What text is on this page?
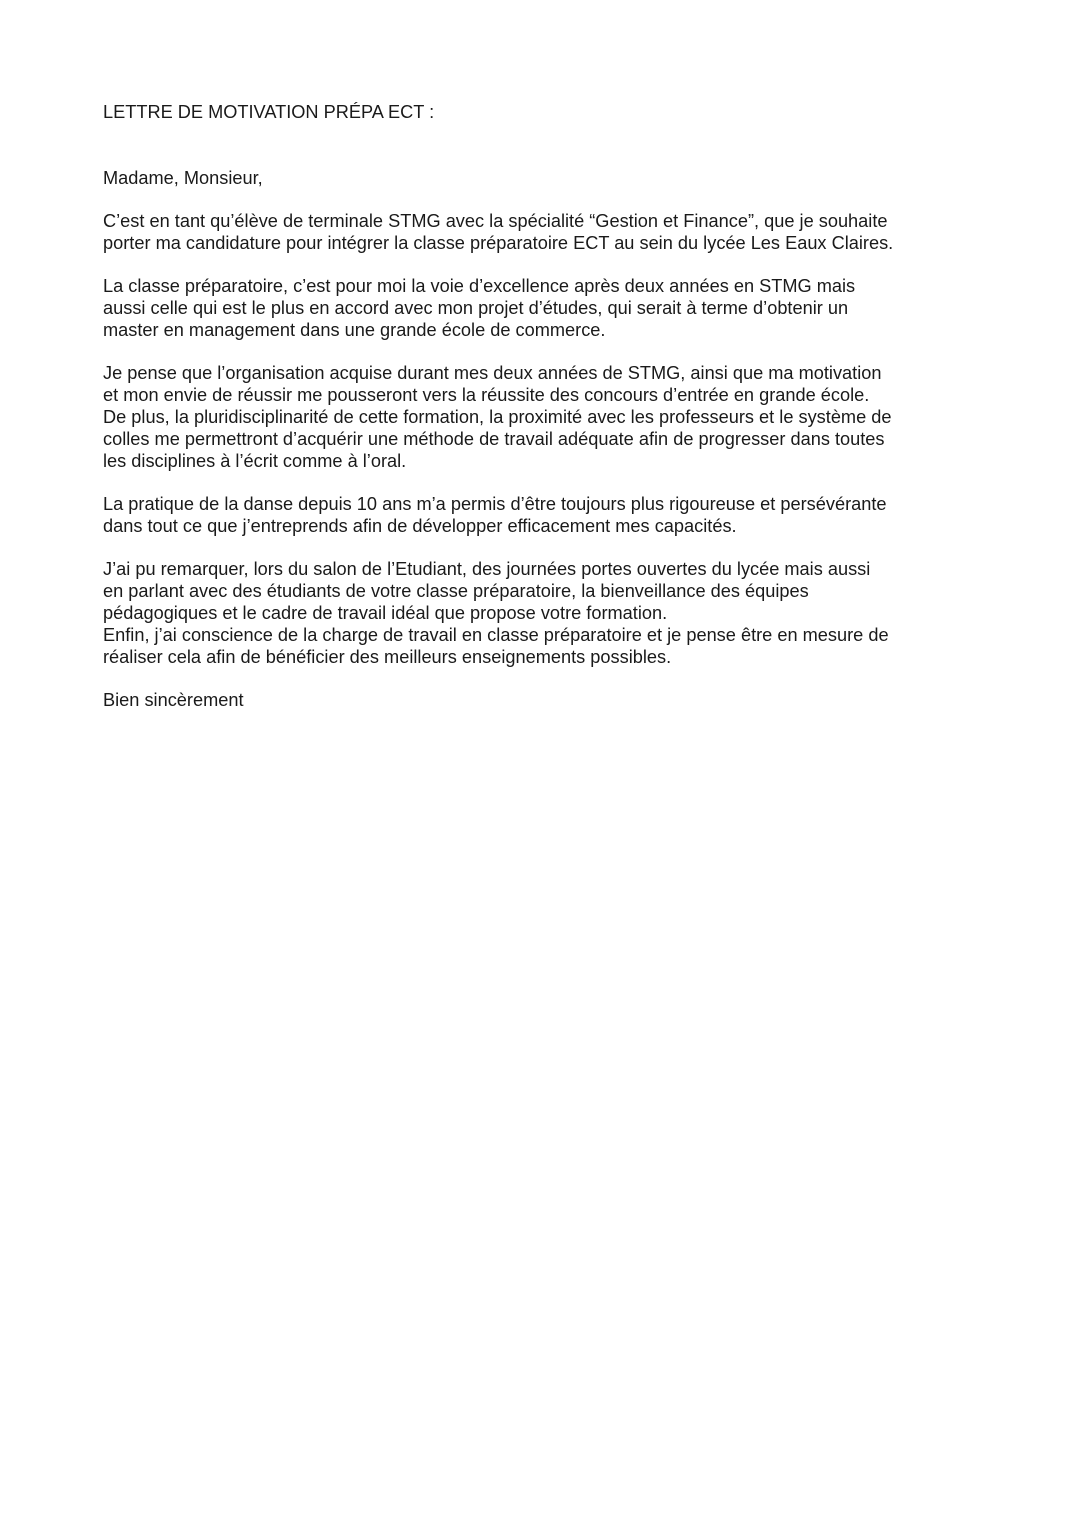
LETTRE DE MOTIVATION PRÉPA ECT :
Madame, Monsieur,
C’est en tant qu’élève de terminale STMG avec la spécialité “Gestion et Finance”, que je souhaite
porter ma candidature pour intégrer la classe préparatoire ECT au sein du lycée Les Eaux Claires.
La classe préparatoire, c’est pour moi la voie d’excellence après deux années en STMG mais
aussi celle qui est le plus en accord avec mon projet d’études, qui serait à terme d’obtenir un
master en management dans une grande école de commerce.
Je pense que l’organisation acquise durant mes deux années de STMG, ainsi que ma motivation
et mon envie de réussir me pousseront vers la réussite des concours d’entrée en grande école.
De plus, la pluridisciplinarité de cette formation, la proximité avec les professeurs et le système de
colles me permettront d’acquérir une méthode de travail adéquate afin de progresser dans toutes
les disciplines à l’écrit comme à l’oral.
La pratique de la danse depuis 10 ans m’a permis d’être toujours plus rigoureuse et persévérante
dans tout ce que j’entreprends afin de développer efficacement mes capacités.
J’ai pu remarquer, lors du salon de l’Etudiant, des journées portes ouvertes du lycée mais aussi
en parlant avec des étudiants de votre classe préparatoire, la bienveillance des équipes
pédagogiques et le cadre de travail idéal que propose votre formation.
Enfin, j’ai conscience de la charge de travail en classe préparatoire et je pense être en mesure de
réaliser cela afin de bénéficier des meilleurs enseignements possibles.
Bien sincèrement
